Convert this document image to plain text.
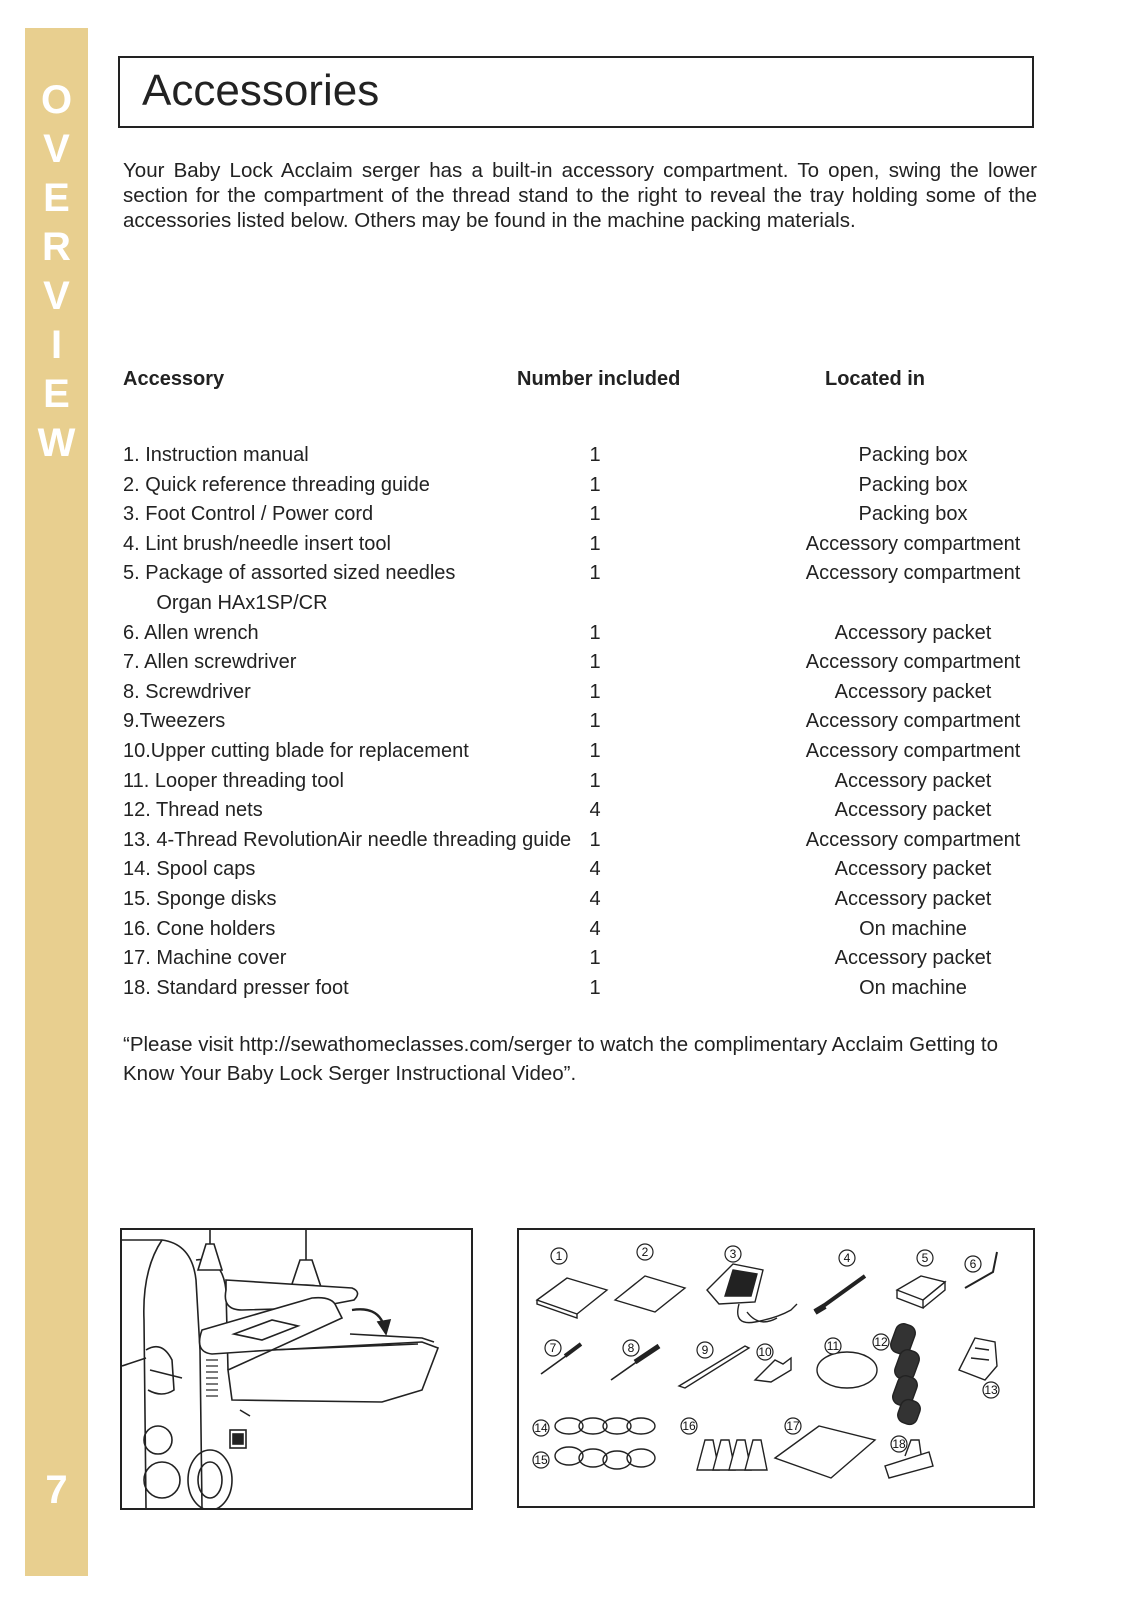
O
V
E
R
V
I
E
W
7
Accessories
Your Baby Lock Acclaim serger has a built-in accessory compartment. To open, swing the lower section for the compartment of the thread stand to the right to reveal the tray holding some of the accessories listed below. Others may be found in the machine packing materials.
Accessory	Number included	Located in
1. Instruction manual	1	Packing box
2. Quick reference threading guide	1	Packing box
3. Foot Control / Power cord	1	Packing box
4. Lint brush/needle insert tool	1	Accessory compartment
5. Package of assorted sized needles	1	Accessory compartment
Organ HAx1SP/CR
6. Allen wrench	1	Accessory packet
7. Allen screwdriver	1	Accessory compartment
8. Screwdriver	1	Accessory packet
9.Tweezers	1	Accessory compartment
10.Upper cutting blade for replacement	1	Accessory compartment
11. Looper threading tool	1	Accessory packet
12. Thread nets	4	Accessory packet
13. 4-Thread RevolutionAir needle threading guide 1	Accessory compartment
14. Spool caps	4	Accessory packet
15. Sponge disks	4	Accessory packet
16. Cone holders	4	On machine
17. Machine cover	1	Accessory packet
18. Standard presser foot	1	On machine
“Please visit http://sewathomeclasses.com/serger to watch the complimentary Acclaim Getting to Know Your Baby Lock Serger Instructional Video”.
1	2	3	4	5	6
7	8	9	10	11	12
13
14
15
16	17
18
